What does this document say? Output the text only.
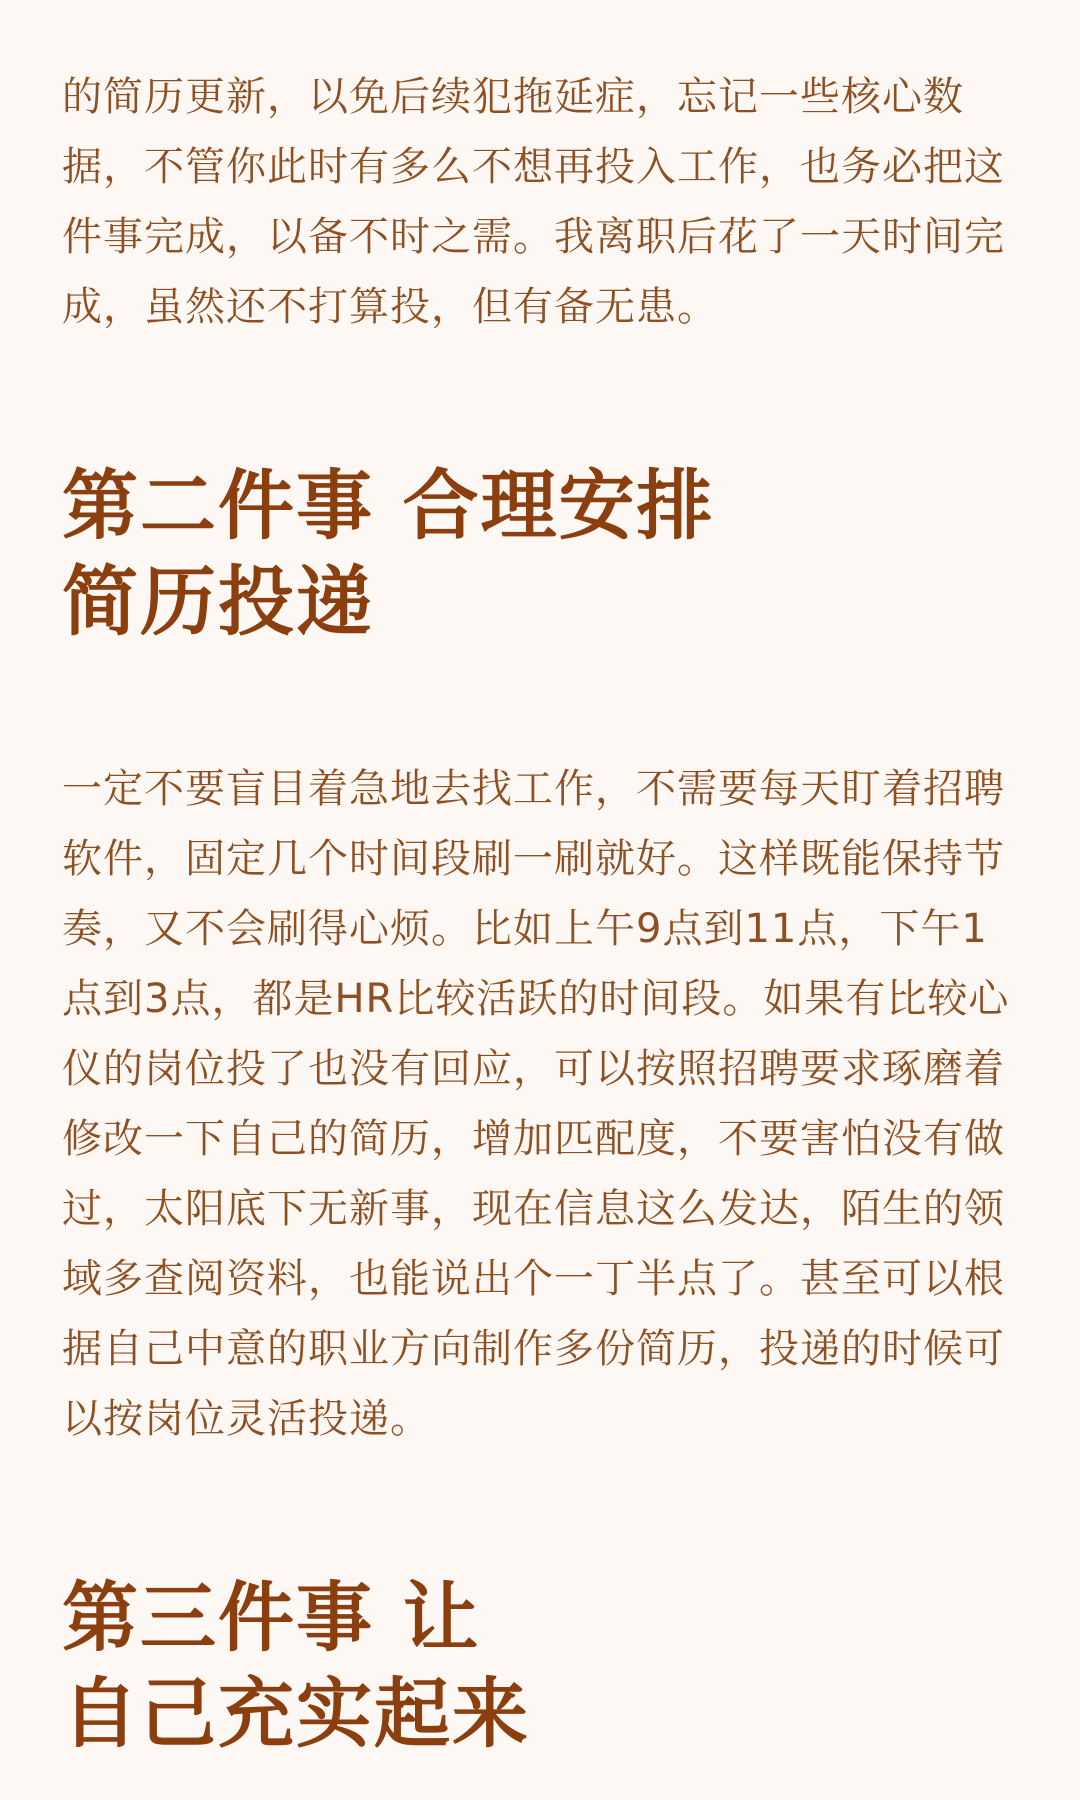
的简历更新，以免后续犯拖延症，忘记一些核心数据，不管你此时有多么不想再投入工作，也务必把这件事完成，以备不时之需。我离职后花了一天时间完成，虽然还不打算投，但有备无患。

第二件事 合理安排
简历投递

一定不要盲目着急地去找工作，不需要每天盯着招聘软件，固定几个时间段刷一刷就好。这样既能保持节奏，又不会刷得心烦。比如上午9点到11点，下午1点到3点，都是HR比较活跃的时间段。如果有比较心仪的岗位投了也没有回应，可以按照招聘要求琢磨着修改一下自己的简历，增加匹配度，不要害怕没有做过，太阳底下无新事，现在信息这么发达，陌生的领域多查阅资料，也能说出个一丁半点了。甚至可以根据自己中意的职业方向制作多份简历，投递的时候可以按岗位灵活投递。

第三件事 让
自己充实起来
